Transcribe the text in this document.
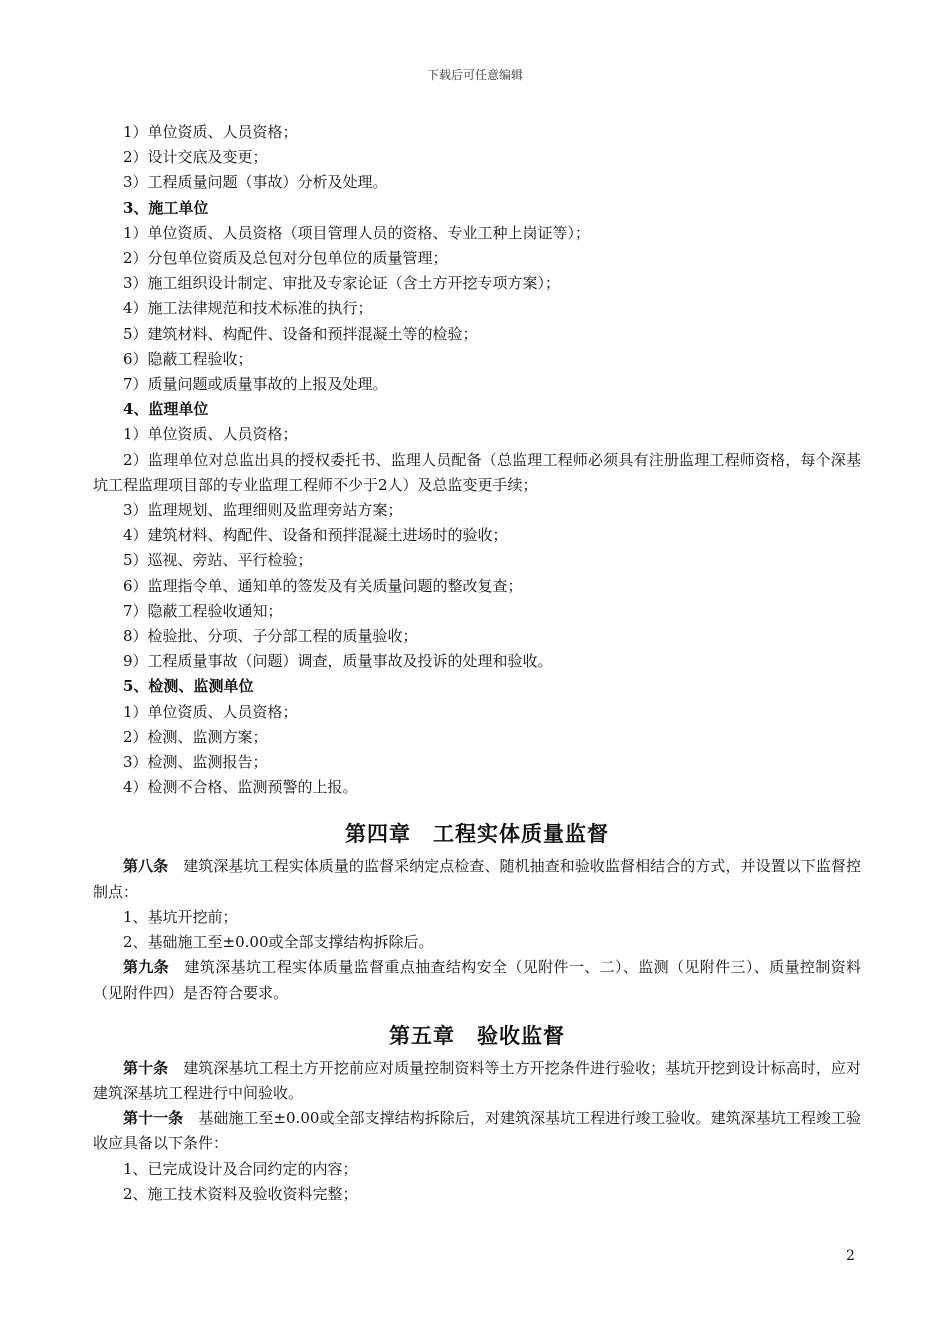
下载后可任意编辑
1）单位资质、人员资格；
2）设计交底及变更；
3）工程质量问题（事故）分析及处理。
3、施工单位
1）单位资质、人员资格（项目管理人员的资格、专业工种上岗证等）；
2）分包单位资质及总包对分包单位的质量管理；
3）施工组织设计制定、审批及专家论证（含土方开挖专项方案）；
4）施工法律规范和技术标准的执行；
5）建筑材料、构配件、设备和预拌混凝土等的检验；
6）隐蔽工程验收；
7）质量问题或质量事故的上报及处理。
4、监理单位
1）单位资质、人员资格；
2）监理单位对总监出具的授权委托书、监理人员配备（总监理工程师必须具有注册监理工程师资格，每个深基坑工程监理项目部的专业监理工程师不少于2人）及总监变更手续；
3）监理规划、监理细则及监理旁站方案；
4）建筑材料、构配件、设备和预拌混凝土进场时的验收；
5）巡视、旁站、平行检验；
6）监理指令单、通知单的签发及有关质量问题的整改复查；
7）隐蔽工程验收通知；
8）检验批、分项、子分部工程的质量验收；
9）工程质量事故（问题）调查，质量事故及投诉的处理和验收。
5、检测、监测单位
1）单位资质、人员资格；
2）检测、监测方案；
3）检测、监测报告；
4）检测不合格、监测预警的上报。
第四章　工程实体质量监督
第八条　建筑深基坑工程实体质量的监督采纳定点检查、随机抽查和验收监督相结合的方式，并设置以下监督控制点：
1、基坑开挖前；
2、基础施工至±0.00或全部支撑结构拆除后。
第九条　建筑深基坑工程实体质量监督重点抽查结构安全（见附件一、二）、监测（见附件三）、质量控制资料（见附件四）是否符合要求。
第五章　验收监督
第十条　建筑深基坑工程土方开挖前应对质量控制资料等土方开挖条件进行验收；基坑开挖到设计标高时，应对建筑深基坑工程进行中间验收。
第十一条　基础施工至±0.00或全部支撑结构拆除后，对建筑深基坑工程进行竣工验收。建筑深基坑工程竣工验收应具备以下条件：
1、已完成设计及合同约定的内容；
2、施工技术资料及验收资料完整；
2
